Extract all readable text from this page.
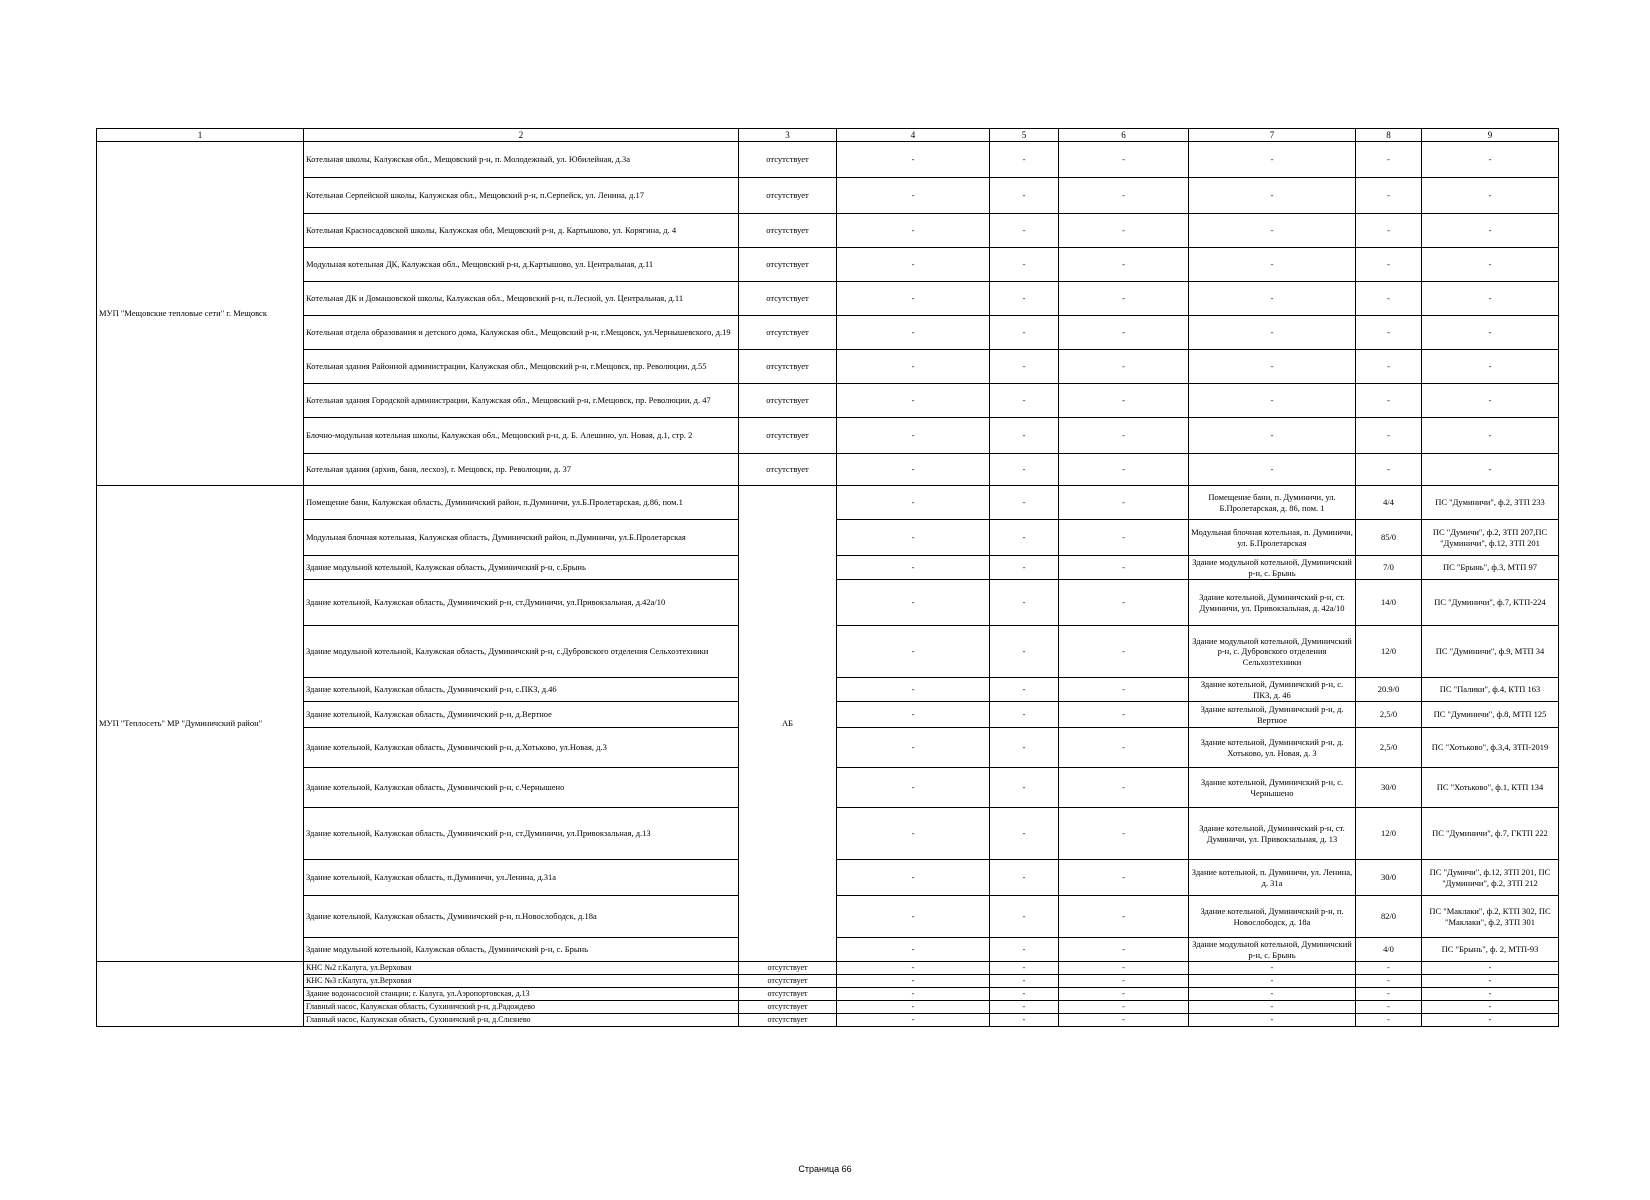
1	2	3	4	5	6	7	8	9
МУП "Мещовские тепловые сети" г. Мещовск	Котельная школы, Калужская обл., Мещовский р-н, п. Молодежный, ул. Юбилейная, д.3а	отсутствует	-	-	-	-	-	-
	Котельная Серпейской школы, Калужская обл., Мещовский р-н, п.Серпейск, ул. Ленина, д.17	отсутствует	-	-	-	-	-	-
	Котельная Красносадовской школы, Калужская обл, Мещовский р-н, д. Картышово, ул. Корягина, д. 4	отсутствует	-	-	-	-	-	-
	Модульная котельная ДК, Калужская обл., Мещовский р-н, д.Картышово, ул. Центральная, д.11	отсутствует	-	-	-	-	-	-
	Котельная ДК и Домашовской школы, Калужская обл., Мещовский р-н, п.Лесной, ул. Центральная, д.11	отсутствует	-	-	-	-	-	-
	Котельная отдела образования и детского дома, Калужская обл., Мещовский р-н, г.Мещовск, ул.Чернышевского, д.19	отсутствует	-	-	-	-	-	-
	Котельная здания Районной администрации, Калужская обл., Мещовский р-н, г.Мещовск, пр. Революции, д.55	отсутствует	-	-	-	-	-	-
	Котельная здания Городской администрации, Калужская обл., Мещовский р-н, г.Мещовск, пр. Революции, д. 47	отсутствует	-	-	-	-	-	-
	Блочно-модульная котельная школы, Калужская обл., Мещовский р-н, д. Б. Алешино, ул. Новая, д.1, стр. 2	отсутствует	-	-	-	-	-	-
	Котельная здания (архив, баня, лесхоз), г. Мещовск, пр. Революции, д. 37	отсутствует	-	-	-	-	-	-
МУП "Теплосеть" МР "Думиничский район"	Помещение бани, Калужская область, Думиничский район, п.Думиничи, ул.Б.Пролетарская, д.86, пом.1	АБ	-	-	-	Помещение бани, п. Думиничи, ул. Б.Пролетарская, д. 86, пом. 1	4/4	ПС "Думиничи", ф.2, ЗТП 233
	Модульная блочная котельная, Калужская область, Думиничский район, п.Думиничи, ул.Б.Пролетарская		-	-	-	Модульная блочная котельная, п. Думиничи, ул. Б.Пролетарская	85/0	ПС "Думичи", ф.2, ЗТП 207,ПС "Думиничи", ф.12, ЗТП 201
	Здание модульной котельной, Калужская область, Думиничский р-н, с.Брынь		-	-	-	Здание модульной котельной, Думиничский р-н, с. Брынь	7/0	ПС "Брынь", ф.3, МТП 97
	Здание котельной, Калужская область, Думиничский р-н, ст.Думиничи, ул.Привокзальная, д.42а/10		-	-	-	Здание котельной, Думиничский р-н, ст. Думиничи, ул. Привокзальная, д. 42а/10	14/0	ПС "Думиничи", ф.7, КТП-224
	Здание модульной котельной, Калужская область, Думиничский р-н, с.Дубровского отделения Сельхозтехники		-	-	-	Здание модульной котельной, Думиничский р-н, с. Дубровского отделения Сельхозтехники	12/0	ПС "Думиничи", ф.9, МТП 34
	Здание котельной, Калужская область, Думиничский р-н, с.ПКЗ, д.46		-	-	-	Здание котельной, Думиничский р-н, с. ПКЗ, д. 46	20.9/0	ПС "Палики", ф.4, КТП 163
	Здание котельной, Калужская область, Думиничский р-н, д.Вертное		-	-	-	Здание котельной, Думиничский р-н, д. Вертное	2,5/0	ПС "Думиничи", ф.8, МТП 125
	Здание котельной, Калужская область, Думиничский р-н, д.Хотьково, ул.Новая, д.3		-	-	-	Здание котельной, Думиничский р-н, д. Хотьково, ул. Новая, д. 3	2,5/0	ПС "Хотьково", ф.3,4, ЗТП-2019
	Здание котельной, Калужская область, Думиничский р-н, с.Чернышено		-	-	-	Здание котельной, Думиничский р-н, с. Чернышено	30/0	ПС "Хотьково", ф.1, КТП 134
	Здание котельной, Калужская область, Думиничский р-н, ст.Думиничи, ул.Привокзальная, д.13		-	-	-	Здание котельной, Думиничский р-н, ст. Думиничи, ул. Привокзальная, д. 13	12/0	ПС "Думиничи", ф.7, ГКТП 222
	Здание котельной, Калужская область, п.Думиничи, ул.Ленина, д.31а		-	-	-	Здание котельной, п. Думиничи, ул. Ленина, д. 31а	30/0	ПС "Думичи", ф.12, ЗТП 201, ПС "Думиничи", ф.2, ЗТП 212
	Здание котельной, Калужская область, Думиничский р-н, п.Новослободск, д.18а		-	-	-	Здание котельной, Думиничский р-н, п. Новослободск, д. 18а	82/0	ПС "Маклаки", ф.2, КТП 302, ПС "Маклаки", ф.2, ЗТП 301
	Здание модульной котельной, Калужская область, Думиничский р-н, с. Брынь		-	-	-	Здание модульной котельной, Думиничский р-н, с. Брынь	4/0	ПС "Брынь", ф. 2, МТП-93
	КНС №2 г.Калуга, ул.Верховая	отсутствует	-	-	-	-	-	-
	КНС №3 г.Калуга, ул.Верховая	отсутствует	-	-	-	-	-	-
	Здание водонасосной станции; г. Калуга, ул.Аэропортовская, д.13	отсутствует	-	-	-	-	-	-
	Главный насос, Калужская область, Сухиничский р-н, д.Радождево	отсутствует	-	-	-	-	-	-
	Главный насос, Калужская область, Сухиничский р-н, д.Слизнево	отсутствует	-	-	-	-	-	-
Страница 66
